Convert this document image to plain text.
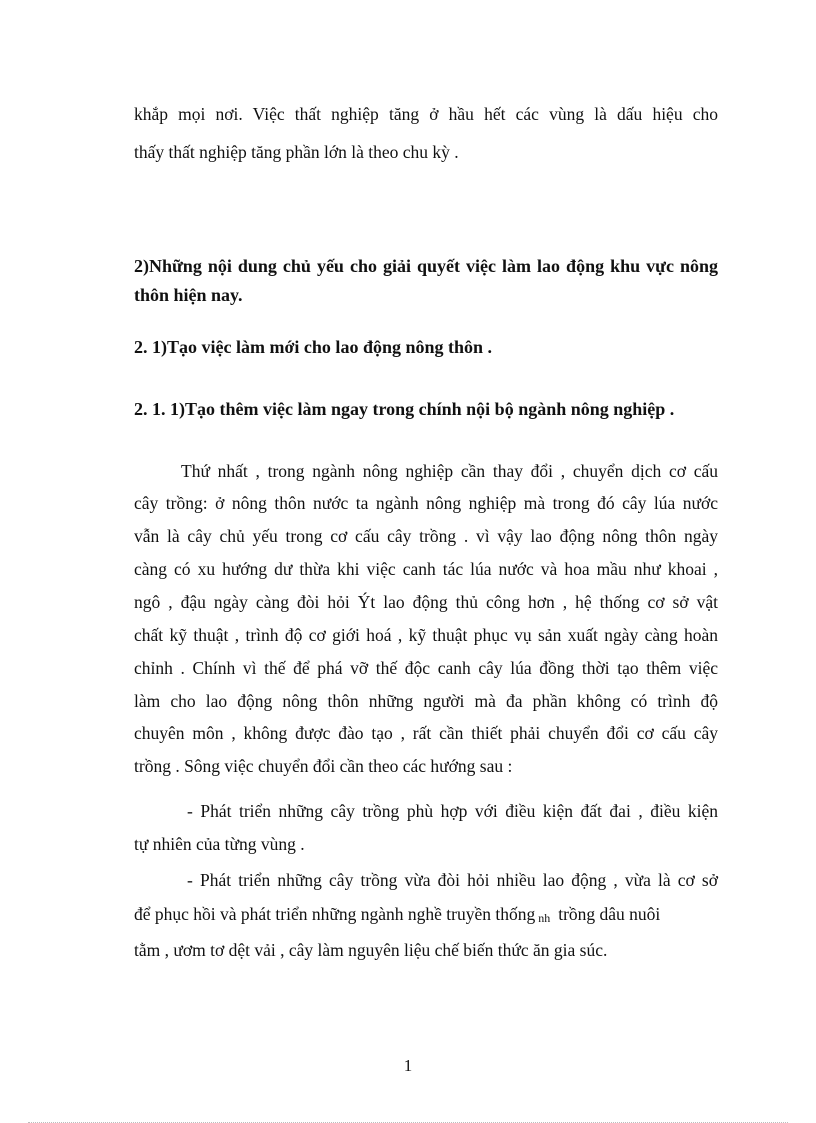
khắp mọi nơi. Việc thất nghiệp tăng ở hầu hết các vùng là dấu hiệu cho
thấy thất nghiệp tăng phần lớn là theo chu kỳ .
2)Những nội dung chủ yếu cho giải quyết việc làm lao động khu vực nông
thôn hiện nay.
2. 1)Tạo việc làm mới cho lao động nông thôn .
2. 1. 1)Tạo thêm việc làm ngay trong chính nội bộ ngành nông nghiệp .
Thứ nhất , trong ngành nông nghiệp cần thay đổi , chuyển dịch cơ cấu
cây trồng: ở nông thôn nước ta ngành nông nghiệp mà trong đó cây lúa nước
vẫn là cây chủ yếu trong cơ cấu cây trồng . vì vậy lao động nông thôn ngày
càng có xu hướng dư thừa khi việc canh tác lúa nước và hoa mầu như khoai ,
ngô , đậu ngày càng đòi hỏi Ýt lao động thủ công hơn , hệ thống cơ sở vật
chất kỹ thuật , trình độ cơ giới hoá , kỹ thuật phục vụ sản xuất ngày càng hoàn
chỉnh . Chính vì thế để phá vỡ thế độc canh cây lúa đồng thời tạo thêm việc
làm cho lao động nông thôn những người mà đa phần không có trình độ
chuyên môn , không được đào tạo , rất cần thiết phải chuyển đổi cơ cấu cây
trồng . Sông việc chuyển đổi cần theo các hướng sau :
- Phát triển những cây trồng phù hợp với điều kiện đất đai , điều kiện
tự nhiên của từng vùng .
- Phát triển những cây trồng vừa đòi hỏi nhiều lao động , vừa là cơ sở
để phục hồi và phát triển những ngành nghề truyền thống nh trồng dâu nuôi
tằm , ươm tơ dệt vải , cây làm nguyên liệu chế biến thức ăn gia súc.
1
